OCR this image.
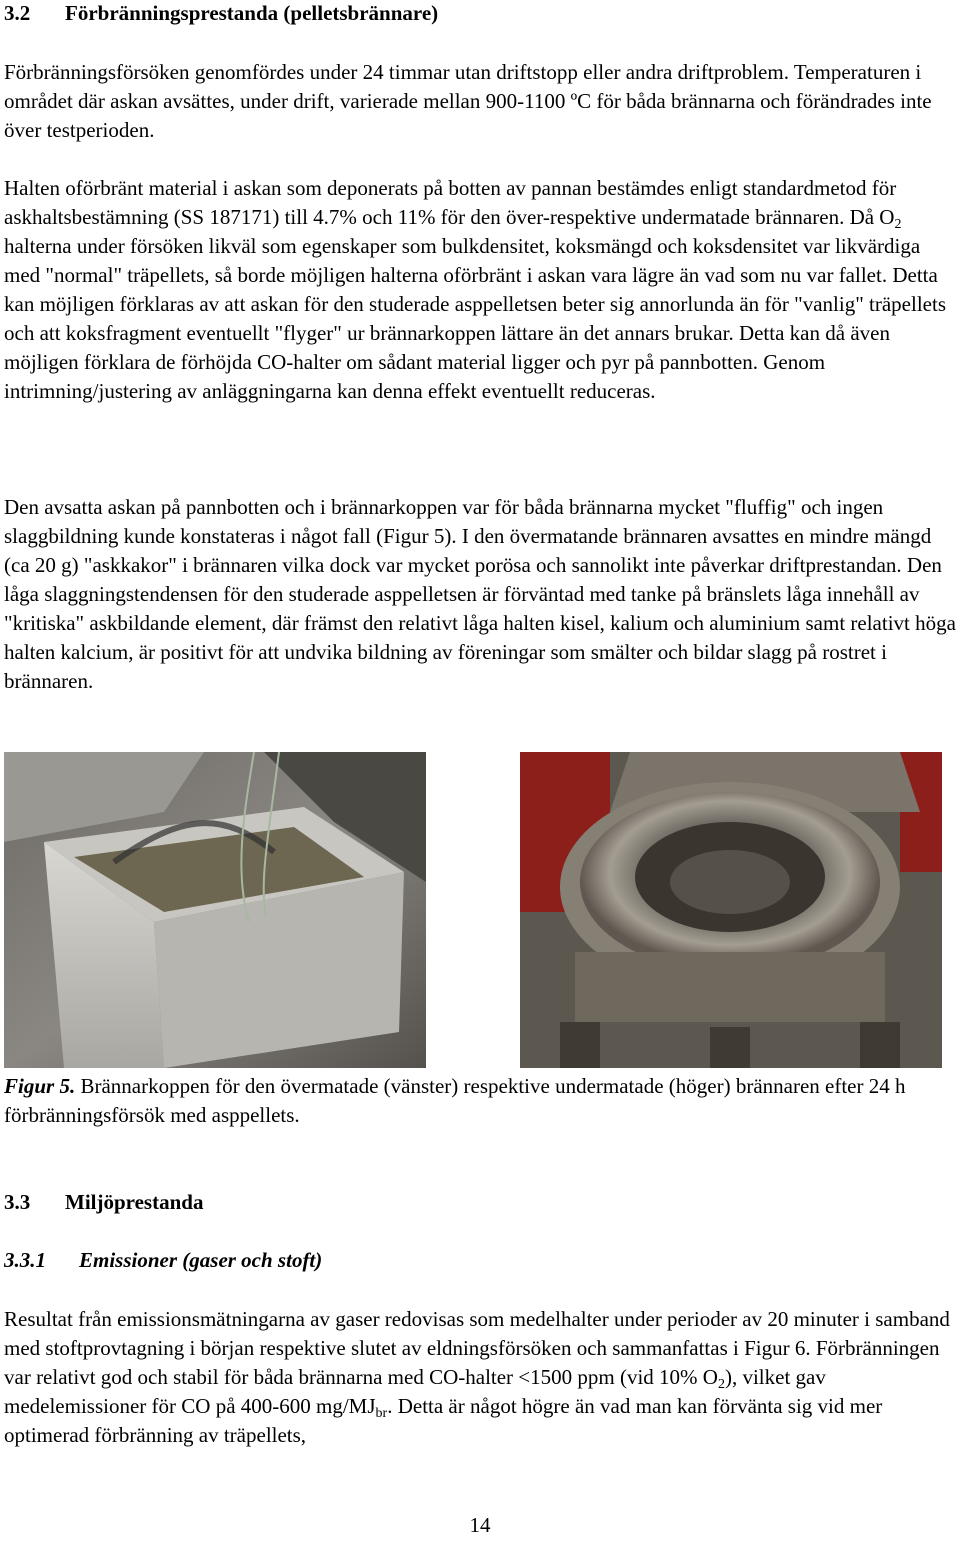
3.2 Förbränningsprestanda (pelletsbrännare)

Förbränningsförsöken genomfördes under 24 timmar utan driftstopp eller andra driftproblem. Temperaturen i området där askan avsättes, under drift, varierade mellan 900-1100 ºC för båda brännarna och förändrades inte över testperioden.

Halten oförbränt material i askan som deponerats på botten av pannan bestämdes enligt standardmetod för askhaltsbestämning (SS 187171) till 4.7% och 11% för den över-respektive undermatade brännaren. Då $O_2$ halterna under försöken likväl som egenskaper som bulkdensitet, koksmängd och koksdensitet var likvärdiga med "normal" träpellets, så borde möjligen halterna oförbränt i askan vara lägre än vad som nu var fallet. Detta kan möjligen förklaras av att askan för den studerade asppelletsen beter sig annorlunda än för "vanlig" träpellets och att koksfragment eventuellt "flyger" ur brännarkoppen lättare än det annars brukar. Detta kan då även möjligen förklara de förhöjda CO-halter om sådant material ligger och pyr på pannbotten. Genom intrimning/justering av anläggningarna kan denna effekt eventuellt reduceras.

Den avsatta askan på pannbotten och i brännarkoppen var för båda brännarna mycket "fluffig" och ingen slaggbildning kunde konstateras i något fall (Figur 5). I den övermatande brännaren avsattes en mindre mängd (ca 20 g) "askkakor" i brännaren vilka dock var mycket porösa och sannolikt inte påverkar driftprestandan. Den låga slaggningstendensen för den studerade asppelletsen är förväntad med tanke på bränslets låga innehåll av "kritiska" askbildande element, där främst den relativt låga halten kisel, kalium och aluminium samt relativt höga halten kalcium, är positivt för att undvika bildning av föreningar som smälter och bildar slagg på rostret i brännaren.

Figur 5. Brännarkoppen för den övermatade (vänster) respektive undermatade (höger) brännaren efter 24 h förbränningsförsök med asppellets.
3.3 Miljöprestanda
3.3.1 Emissioner (gaser och stoft)

Resultat från emissionsmätningarna av gaser redovisas som medelhalter under perioder av 20 minuter i samband med stoftprovtagning i början respektive slutet av eldningsförsöken och sammanfattas i Figur 6. Förbränningen var relativt god och stabil för båda brännarna med CO-halter <1500 ppm (vid 10% $O_2$), vilket gav medelemissioner för CO på 400-600 $mg/MJ_{br}$. Detta är något högre än vad man kan förvänta sig vid mer optimerad förbränning av träpellets,

14
